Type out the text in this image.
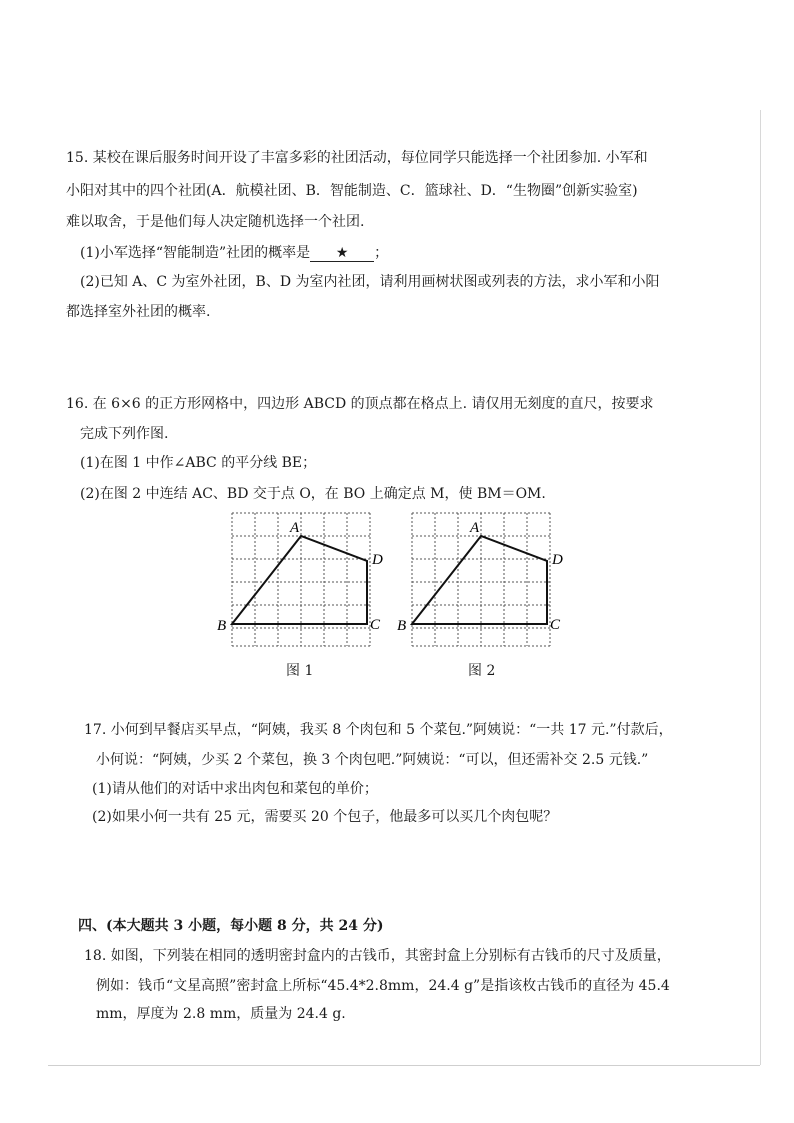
15. 某校在课后服务时间开设了丰富多彩的社团活动，每位同学只能选择一个社团参加. 小军和
小阳对其中的四个社团(A．航模社团、B．智能制造、C．篮球社、D．“生物圈”创新实验室)
难以取舍，于是他们每人决定随机选择一个社团.
(1)小军选择“智能制造”社团的概率是 ★ ；
(2)已知 A、C 为室外社团，B、D 为室内社团，请利用画树状图或列表的方法，求小军和小阳
都选择室外社团的概率.
16. 在 6×6 的正方形网格中，四边形 ABCD 的顶点都在格点上. 请仅用无刻度的直尺，按要求
完成下列作图.
(1)在图 1 中作∠ABC 的平分线 BE；
(2)在图 2 中连结 AC、BD 交于点 O，在 BO 上确定点 M，使 BM＝OM.
A
B	C
D
图 1
A
B	C
D
图 2
17. 小何到早餐店买早点，“阿姨，我买 8 个肉包和 5 个菜包.”阿姨说：“一共 17 元.”付款后，
小何说：“阿姨，少买 2 个菜包，换 3 个肉包吧.”阿姨说：“可以，但还需补交 2.5 元钱.”
(1)请从他们的对话中求出肉包和菜包的单价；
(2)如果小何一共有 25 元，需要买 20 个包子，他最多可以买几个肉包呢？
四、(本大题共 3 小题，每小题 8 分，共 24 分)
18. 如图，下列装在相同的透明密封盒内的古钱币，其密封盒上分别标有古钱币的尺寸及质量，
例如：钱币“文星高照”密封盒上所标“45.4*2.8mm，24.4 g”是指该枚古钱币的直径为 45.4
mm，厚度为 2.8 mm，质量为 24.4 g.
